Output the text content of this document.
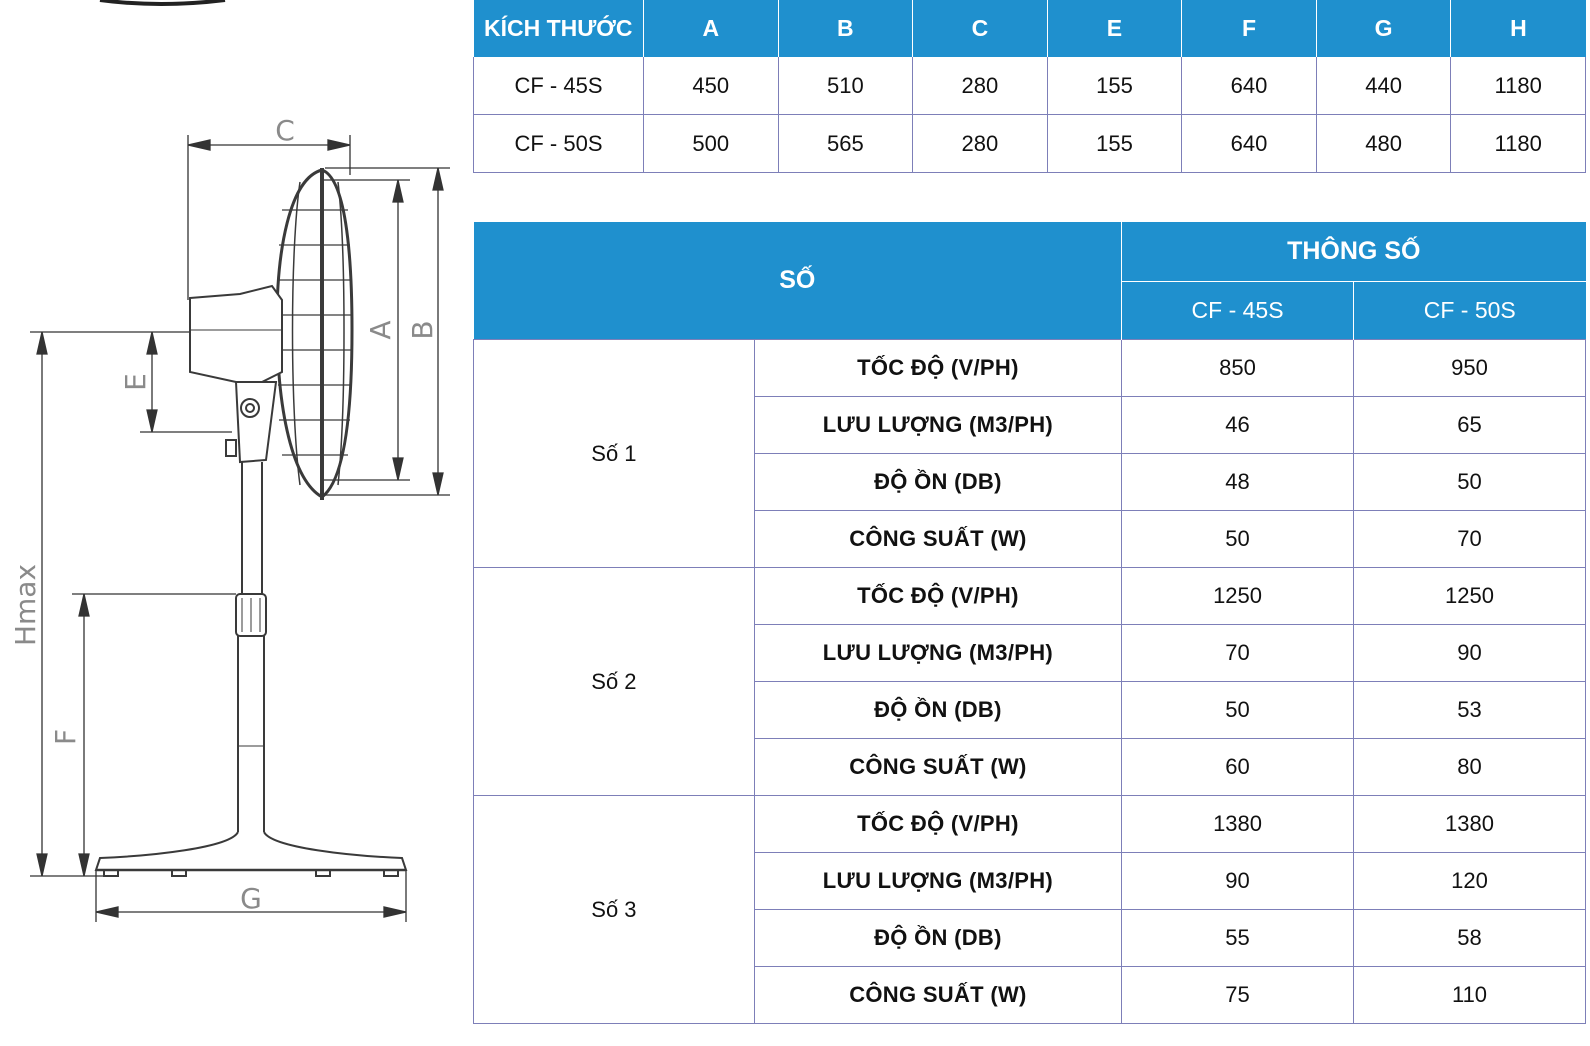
C
A B
E
Hmax
F
G
KÍCH THƯỚC	A	B	C	E	F	G	H
CF - 45S	450	510	280	155	640	440	1180
CF - 50S	500	565	280	155	640	480	1180
SỐ		THÔNG SỐ	
		CF - 45S	CF - 50S
Số 1	TỐC ĐỘ (V/PH)	850	950
	LƯU LƯỢNG (M3/PH)	46	65
	ĐỘ ỒN (DB)	48	50
	CÔNG SUẤT (W)	50	70
Số 2	TỐC ĐỘ (V/PH)	1250	1250
	LƯU LƯỢNG (M3/PH)	70	90
	ĐỘ ỒN (DB)	50	53
	CÔNG SUẤT (W)	60	80
Số 3	TỐC ĐỘ (V/PH)	1380	1380
	LƯU LƯỢNG (M3/PH)	90	120
	ĐỘ ỒN (DB)	55	58
	CÔNG SUẤT (W)	75	110
